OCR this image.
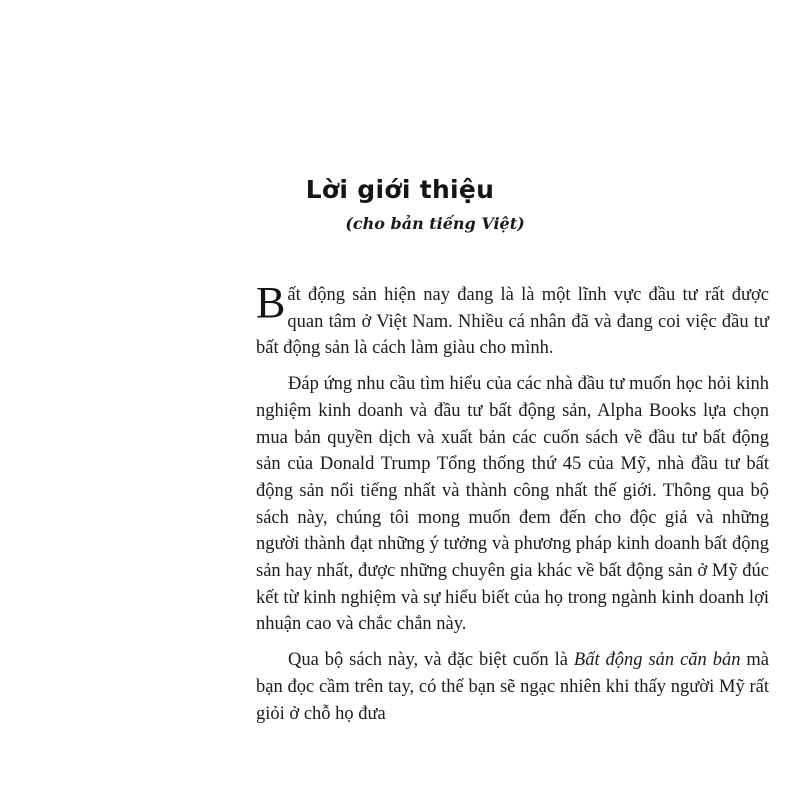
Lời giới thiệu
(cho bản tiếng Việt)

Bất động sản hiện nay đang là là một lĩnh vực đầu tư rất được quan tâm ở Việt Nam. Nhiều cá nhân đã và đang coi việc đầu tư bất động sản là cách làm giàu cho mình.

Đáp ứng nhu cầu tìm hiểu của các nhà đầu tư muốn học hỏi kinh nghiệm kinh doanh và đầu tư bất động sản, Alpha Books lựa chọn mua bản quyền dịch và xuất bản các cuốn sách về đầu tư bất động sản của Donald Trump Tổng thống thứ 45 của Mỹ, nhà đầu tư bất động sản nổi tiếng nhất và thành công nhất thế giới. Thông qua bộ sách này, chúng tôi mong muốn đem đến cho độc giả và những người thành đạt những ý tưởng và phương pháp kinh doanh bất động sản hay nhất, được những chuyên gia khác về bất động sản ở Mỹ đúc kết từ kinh nghiệm và sự hiểu biết của họ trong ngành kinh doanh lợi nhuận cao và chắc chắn này.

Qua bộ sách này, và đặc biệt cuốn là Bất động sản căn bản mà bạn đọc cầm trên tay, có thể bạn sẽ ngạc nhiên khi thấy người Mỹ rất giỏi ở chỗ họ đưa
